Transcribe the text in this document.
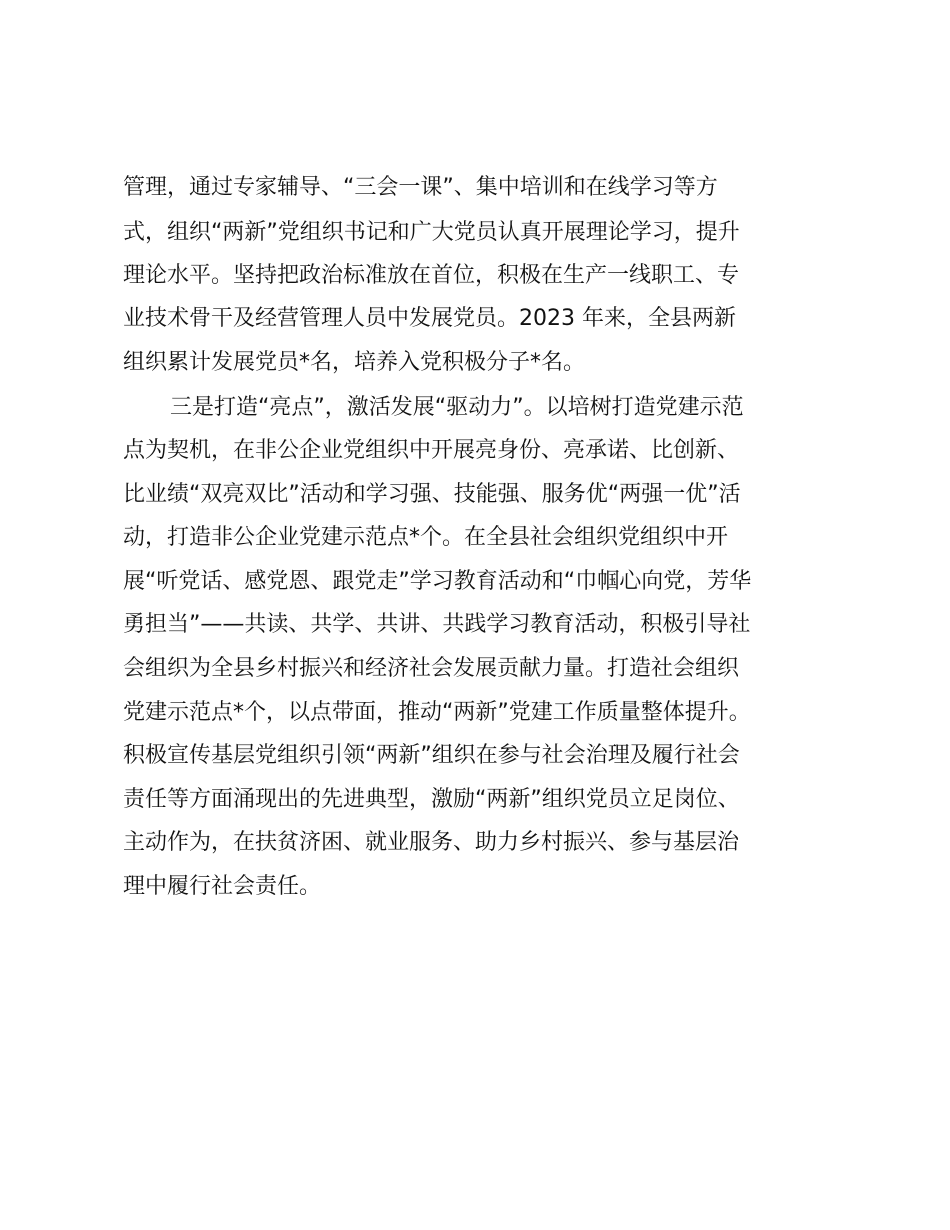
管理，通过专家辅导、“三会一课”、集中培训和在线学习等方
式，组织“两新”党组织书记和广大党员认真开展理论学习，提升
理论水平。坚持把政治标准放在首位，积极在生产一线职工、专
业技术骨干及经营管理人员中发展党员。2023 年来，全县两新
组织累计发展党员*名，培养入党积极分子*名。
三是打造“亮点”，激活发展“驱动力”。以培树打造党建示范
点为契机，在非公企业党组织中开展亮身份、亮承诺、比创新、
比业绩“双亮双比”活动和学习强、技能强、服务优“两强一优”活
动，打造非公企业党建示范点*个。在全县社会组织党组织中开
展“听党话、感党恩、跟党走”学习教育活动和“巾帼心向党，芳华
勇担当”——共读、共学、共讲、共践学习教育活动，积极引导社
会组织为全县乡村振兴和经济社会发展贡献力量。打造社会组织
党建示范点*个，以点带面，推动“两新”党建工作质量整体提升。
积极宣传基层党组织引领“两新”组织在参与社会治理及履行社会
责任等方面涌现出的先进典型，激励“两新”组织党员立足岗位、
主动作为，在扶贫济困、就业服务、助力乡村振兴、参与基层治
理中履行社会责任。
